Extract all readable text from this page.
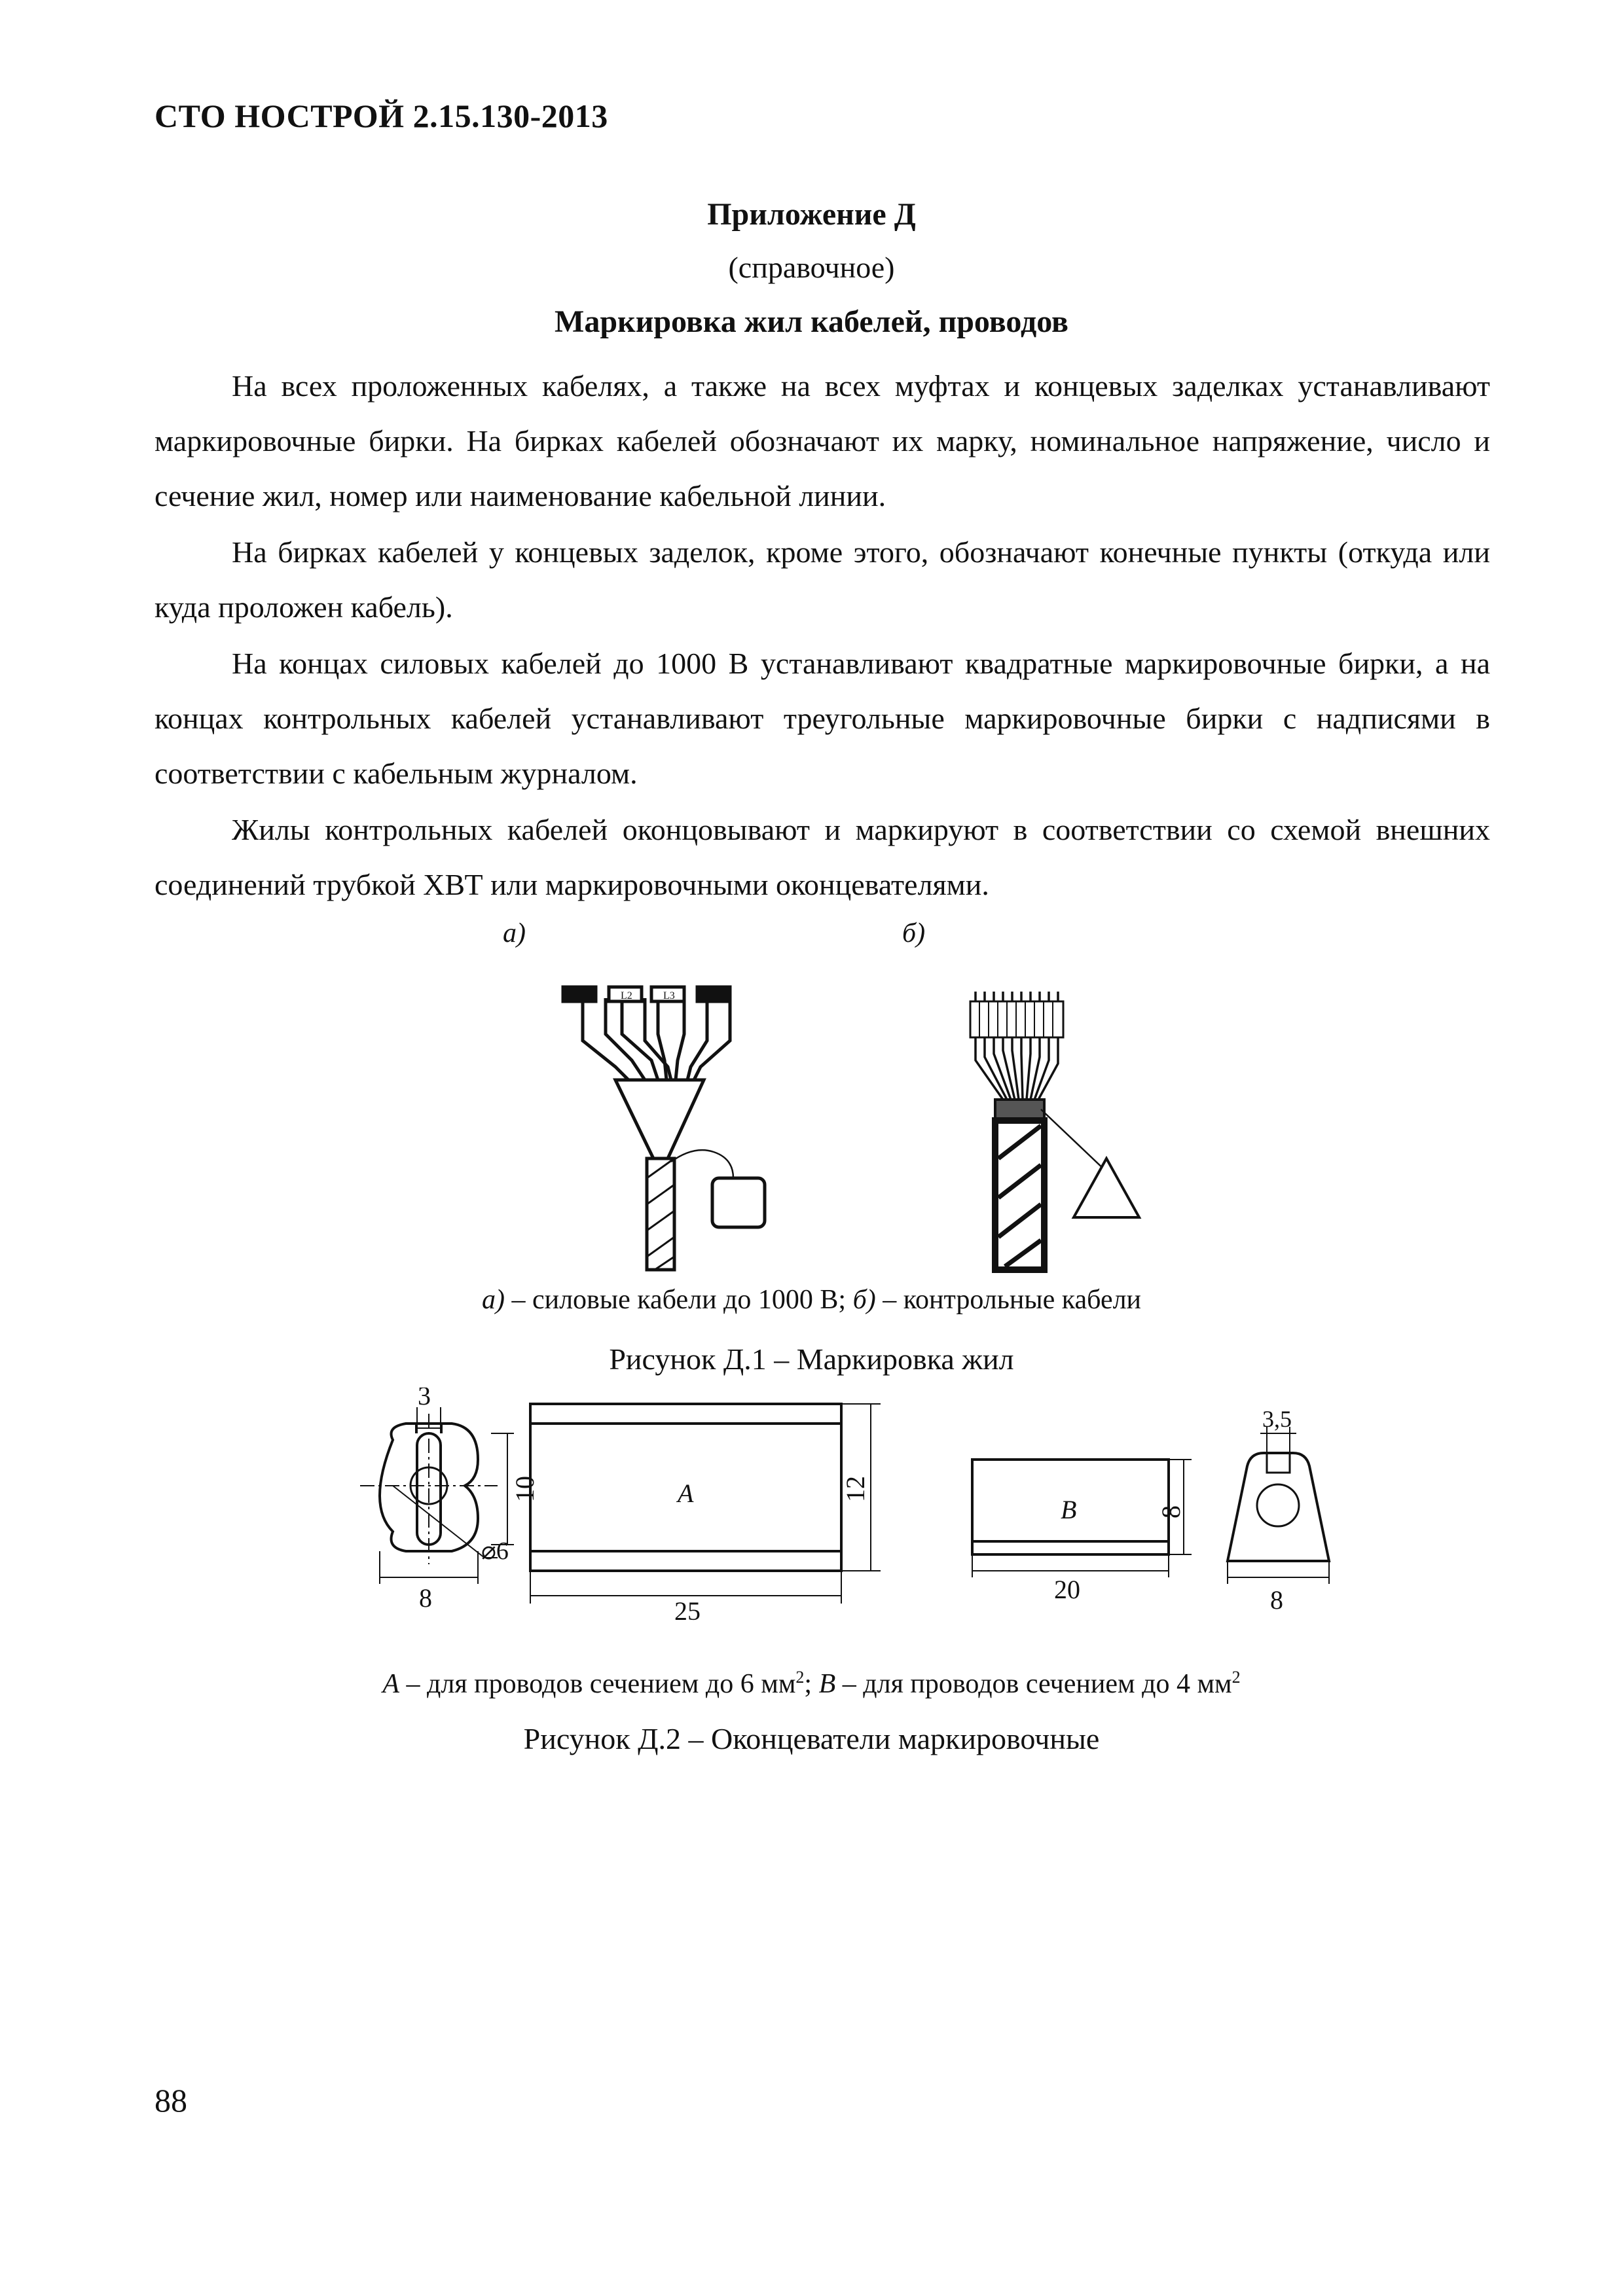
СТО НОСТРОЙ 2.15.130-2013
Приложение Д
(справочное)
Маркировка жил кабелей, проводов

На всех проложенных кабелях, а также на всех муфтах и концевых заделках устанавливают маркировочные бирки. На бирках кабелей обозначают их марку, номинальное напряжение, число и сечение жил, номер или наименование кабельной линии.

На бирках кабелей у концевых заделок, кроме этого, обозначают конечные пункты (откуда или куда проложен кабель).

На концах силовых кабелей до 1000 В устанавливают квадратные маркировочные бирки, а на концах контрольных кабелей устанавливают треугольные маркировочные бирки с надписями в соответствии с кабельным журналом.

Жилы контрольных кабелей оконцовывают и маркируют в соответствии со схемой внешних соединений трубкой ХВТ или маркировочными оконцевателями.

а)	б)
L2	L3
а) – силовые кабели до 1000 В; б) – контрольные кабели
Рисунок Д.1 – Маркировка жил
3
10
⌀6
8
А	12
25
В	8
20
3,5
8
А – для проводов сечением до 6 $мм^2$; В – для проводов сечением до 4 $мм^2$
Рисунок Д.2 – Оконцеватели маркировочные
88
